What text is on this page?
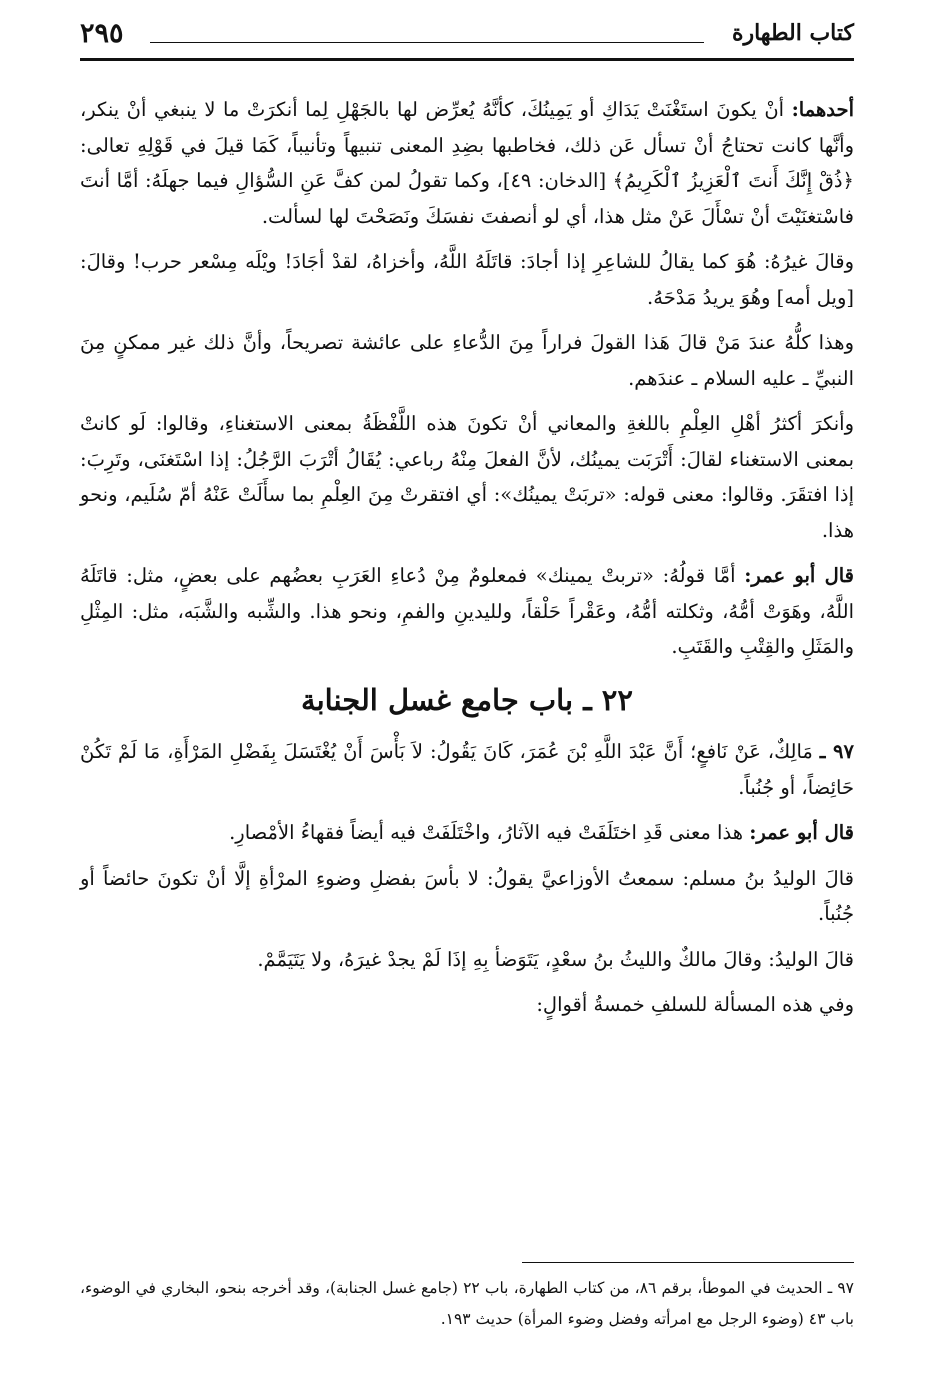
٢٩٥	كتاب الطهارة

أحدهما: أنْ يكونَ استَغْنَتْ يَدَاكِ أو يَمِينُكَ، كأنَّهُ يُعرِّض لها بالجَهْلِ لِما أنكرَتْ ما لا ينبغي أنْ ينكر، وأنَّها كانت تحتاجُ أنْ تسأل عَن ذلك، فخاطبها بضِدِ المعنى تنبيهاً وتأنيباً، كَمَا قيلَ في قَوْلِهِ تعالى: ﴿ذُقْ إِنَّكَ أَنتَ ٱلْعَزِيزُ ٱلْكَرِيمُ﴾ [الدخان: ٤٩]، وكما تقولُ لمن كفَّ عَنِ السُّؤالِ فيما جهلَهُ: أمَّا أنتَ فاسْتغنَيْتَ أنْ تسْأَلَ عَنْ مثل هذا، أي لو أنصفتَ نفسَكَ ونَصَحْتَ لها لسألت.

وقالَ غيرُهُ: هُوَ كما يقالُ للشاعِرِ إذا أجادَ: قاتَلَهُ اللَّهُ، وأخزاهُ، لقدْ أجَادَ! ويْلَه مِسْعر حرب! وقالَ: [ويل أمه] وهُوَ يريدُ مَدْحَهُ.

وهذا كلُّهُ عندَ مَنْ قالَ هَذا القولَ فراراً مِنَ الدُّعاءِ على عائشة تصريحاً، وأنَّ ذلك غير ممكنٍ مِنَ النبيِّ ـ عليه السلام ـ عندَهم.

وأنكرَ أكثرُ أهْلِ العِلْمِ باللغةِ والمعاني أنْ تكونَ هذه اللَّفْظَةُ بمعنى الاستغناءِ، وقالوا: لَو كانتْ بمعنى الاستغناء لقالَ: أَتْرَبَت يمينُك، لأنَّ الفعلَ مِنْهُ رباعي: يُقَالُ أتْرَبَ الرَّجُلُ: إذا اسْتَغنَى، وتَرِبَ: إذا افتقَرَ. وقالوا: معنى قوله: «تربَتْ يمينُك»: أي افتقرتْ مِنَ العِلْمِ بما سأَلَتْ عَنْهُ أمّ سُلَيم، ونحو هذا.

قال أبو عمر: أمَّا قولُهُ: «تربتْ يمينك» فمعلومٌ مِنْ دُعاءِ العَرَبِ بعضُهم على بعضٍ، مثل: قاتَلَهُ اللَّهُ، وهَوَتْ أمُّهُ، وثكلته أمُّهُ، وعَقْراً حَلْقاً، ولليدينِ والفمِ، ونحو هذا. والشِّبه والشَّبَه، مثل: المِثْلِ والمَثَلِ والقِتْبِ والقَتَبِ.

٢٢ ـ باب جامع غسل الجنابة

٩٧ ـ مَالِكٌ، عَنْ نَافعٍ؛ أَنَّ عَبْدَ اللَّهِ بْنَ عُمَرَ، كَانَ يَقُولُ: لاَ بَأْسَ أَنْ يُغْتَسَلَ بِفَضْلِ المَرْأَةِ، مَا لَمْ تَكُنْ حَائِضاً، أو جُنُباً.

قال أبو عمر: هذا معنى قَدِ اختَلَفَتْ فيه الآثارُ، واخْتَلَفَتْ فيه أيضاً فقهاءُ الأمْصارِ.

قالَ الوليدُ بنُ مسلم: سمعتُ الأوزاعيَّ يقولُ: لا بأسَ بفضلِ وضوءِ المرْأةِ إلَّا أنْ تكونَ حائضاً أو جُنُباً.

قالَ الوليدُ: وقالَ مالكٌ والليثُ بنُ سعْدٍ، يَتَوَضأ بِهِ إذَا لَمْ يجدْ غيرَهُ، ولا يَتَيَمَّمْ.

وفي هذه المسألة للسلفِ خمسةُ أقوالٍ:

٩٧ ـ الحديث في الموطأ، برقم ٨٦، من كتاب الطهارة، باب ٢٢ (جامع غسل الجنابة)، وقد أخرجه بنحو، البخاري في الوضوء، باب ٤٣ (وضوء الرجل مع امرأته وفضل وضوء المرأة) حديث ١٩٣.
